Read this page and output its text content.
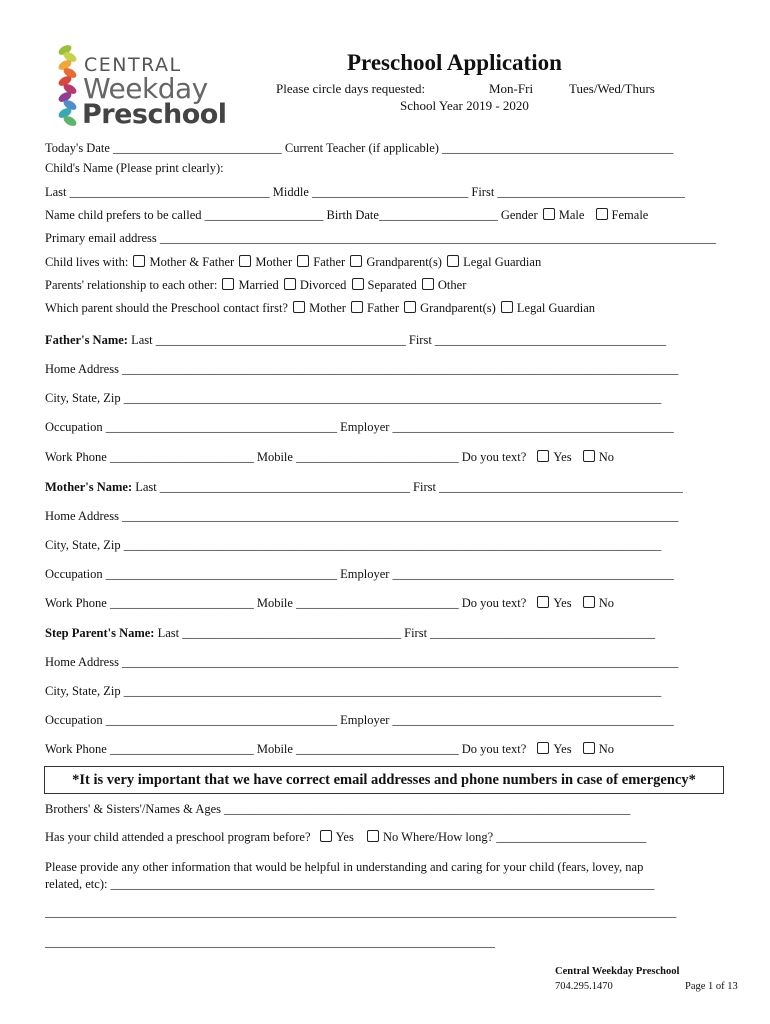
CENTRAL
Weekday
Preschool
Preschool Application
Please circle days requested:	Mon-Fri	Tues/Wed/Thurs
School Year 2019 - 2020
Today's Date ___________________________ Current Teacher (if applicable) _____________________________________
Child's Name (Please print clearly):
Last ________________________________ Middle _________________________ First ______________________________
Name child prefers to be called ___________________ Birth Date___________________ Gender Male Female
Primary email address _________________________________________________________________________________________
Child lives with: Mother & Father Mother Father Grandparent(s) Legal Guardian
Parents' relationship to each other: Married Divorced Separated Other
Which parent should the Preschool contact first? Mother Father Grandparent(s) Legal Guardian
Father's Name: Last ________________________________________ First _____________________________________
Home Address _________________________________________________________________________________________
City, State, Zip ______________________________________________________________________________________
Occupation _____________________________________ Employer _____________________________________________
Work Phone _______________________ Mobile __________________________ Do you text? Yes No
Mother's Name: Last ________________________________________ First _______________________________________
Home Address _________________________________________________________________________________________
City, State, Zip ______________________________________________________________________________________
Occupation _____________________________________ Employer _____________________________________________
Work Phone _______________________ Mobile __________________________ Do you text? Yes No
Step Parent's Name: Last ___________________________________ First ____________________________________
Home Address _________________________________________________________________________________________
City, State, Zip ______________________________________________________________________________________
Occupation _____________________________________ Employer _____________________________________________
Work Phone _______________________ Mobile __________________________ Do you text? Yes No
*It is very important that we have correct email addresses and phone numbers in case of emergency*
Brothers' & Sisters'/Names & Ages _________________________________________________________________
Has your child attended a preschool program before? Yes No Where/How long? ________________________
Please provide any other information that would be helpful in understanding and caring for your child (fears, lovey, nap
related, etc): _______________________________________________________________________________________
_____________________________________________________________________________________________________
________________________________________________________________________
Central Weekday Preschool
704.295.1470	Page 1 of 13
